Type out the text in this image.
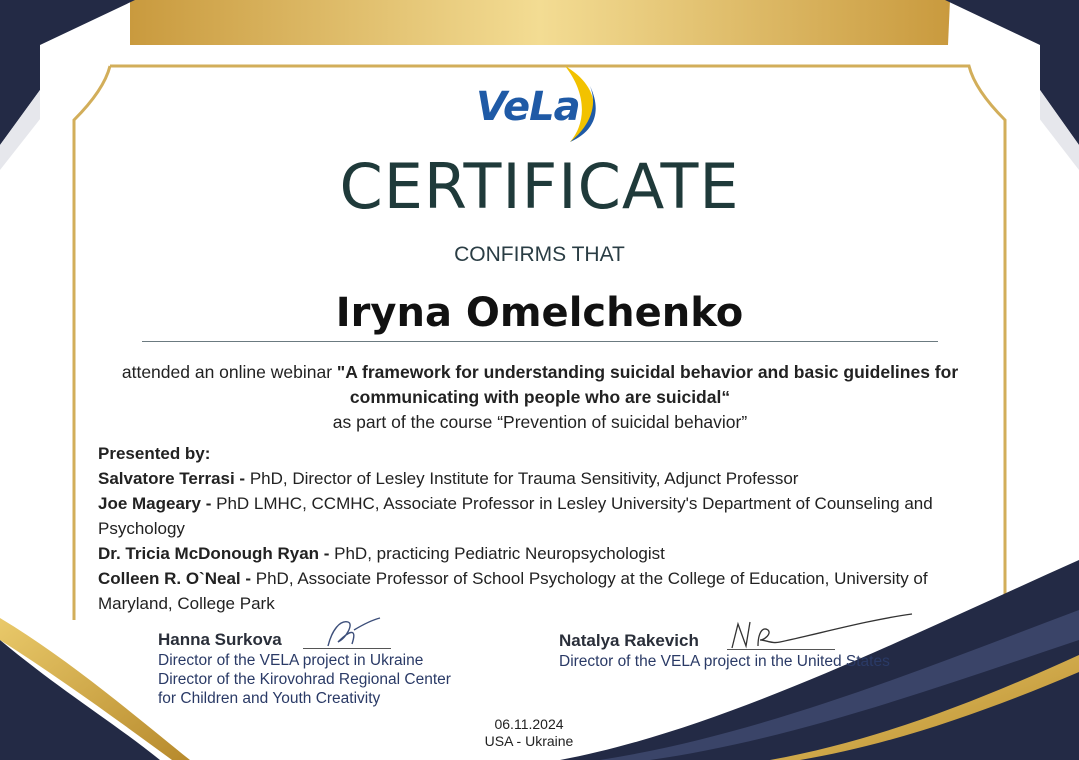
VeLa
CERTIFICATE
CONFIRMS THAT
Iryna Omelchenko
attended an online webinar "A framework for understanding suicidal behavior and basic guidelines for communicating with people who are suicidal“
as part of the course “Prevention of suicidal behavior”
Presented by:
Salvatore Terrasi - PhD, Director of Lesley Institute for Trauma Sensitivity, Adjunct Professor
Joe Mageary - PhD LMHC, CCMHC, Associate Professor in Lesley University's Department of Counseling and Psychology
Dr. Tricia McDonough Ryan - PhD, practicing Pediatric Neuropsychologist
Colleen R. O`Neal - PhD, Associate Professor of School Psychology at the College of Education, University of Maryland, College Park
Hanna Surkova
Director of the VELA project in Ukraine
Director of the Kirovohrad Regional Center
for Children and Youth Creativity
Natalya Rakevich
Director of the VELA project in the United States
06.11.2024
USA - Ukraine
